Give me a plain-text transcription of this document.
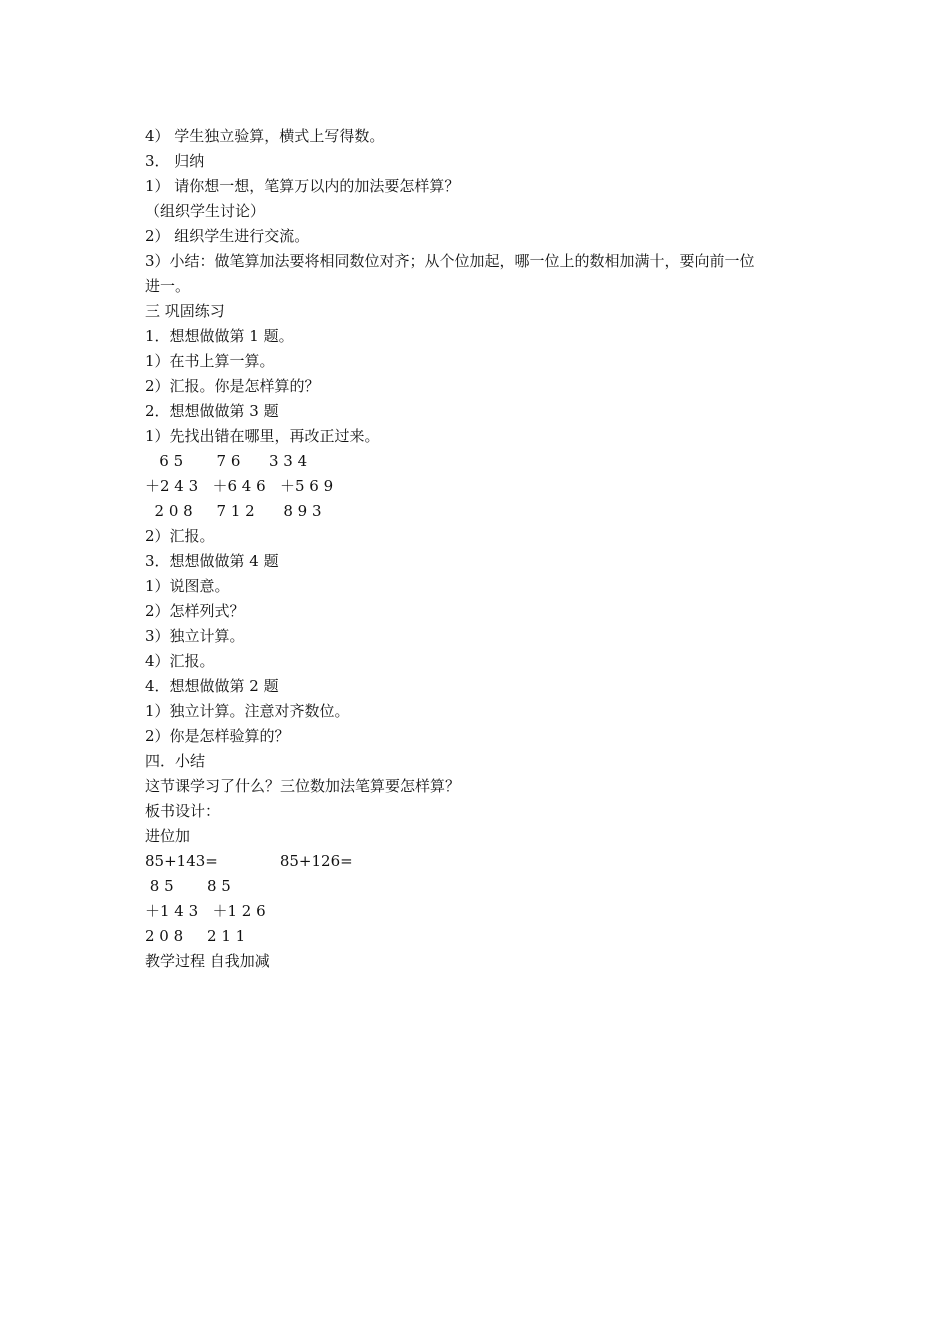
4） 学生独立验算，横式上写得数。

3． 归纳

1） 请你想一想，笔算万以内的加法要怎样算？

（组织学生讨论）

2） 组织学生进行交流。

3）小结：做笔算加法要将相同数位对齐；从个位加起，哪一位上的数相加满十，要向前一位

进一。

三 巩固练习

1．想想做做第 1 题。

1）在书上算一算。

2）汇报。你是怎样算的？

2．想想做做第 3 题

1）先找出错在哪里，再改正过来。

6 5       7 6      3 3 4

＋2 4 3   ＋6 4 6   ＋5 6 9

2 0 8     7 1 2      8 9 3

2）汇报。

3．想想做做第 4 题

1）说图意。

2）怎样列式？

3）独立计算。

4）汇报。

4．想想做做第 2 题

1）独立计算。注意对齐数位。

2）你是怎样验算的？

四．小结

这节课学习了什么？三位数加法笔算要怎样算？

板书设计：

进位加

85+143=             85+126=

8 5       8 5

＋1 4 3   ＋1 2 6

2 0 8     2 1 1

教学过程 自我加减
